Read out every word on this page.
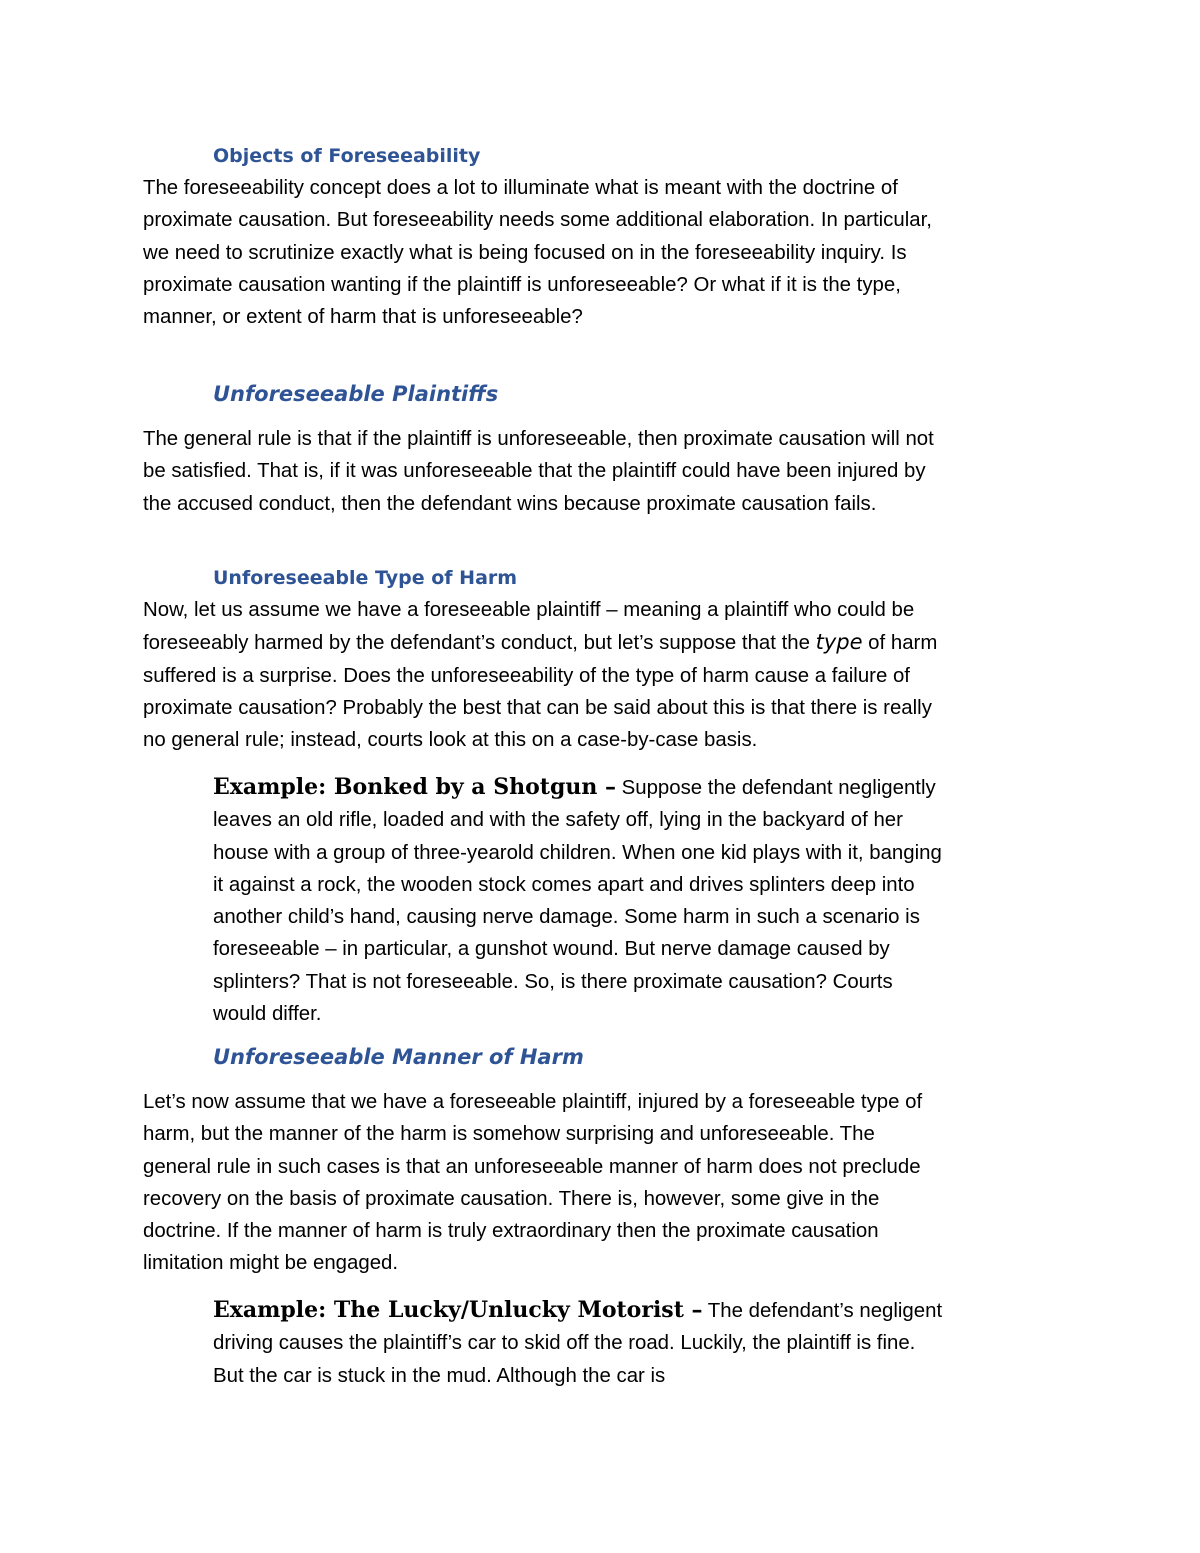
Objects of Foreseeability

The foreseeability concept does a lot to illuminate what is meant with the doctrine of proximate causation. But foreseeability needs some additional elaboration. In particular, we need to scrutinize exactly what is being focused on in the foreseeability inquiry. Is proximate causation wanting if the plaintiff is unforeseeable? Or what if it is the type, manner, or extent of harm that is unforeseeable?

Unforeseeable Plaintiffs

The general rule is that if the plaintiff is unforeseeable, then proximate causation will not be satisfied. That is, if it was unforeseeable that the plaintiff could have been injured by the accused conduct, then the defendant wins because proximate causation fails.

Unforeseeable Type of Harm

Now, let us assume we have a foreseeable plaintiff – meaning a plaintiff who could be foreseeably harmed by the defendant’s conduct, but let’s suppose that the type of harm suffered is a surprise. Does the unforeseeability of the type of harm cause a failure of proximate causation? Probably the best that can be said about this is that there is really no general rule; instead, courts look at this on a case-by-case basis.

Example: Bonked by a Shotgun – Suppose the defendant negligently leaves an old rifle, loaded and with the safety off, lying in the backyard of her house with a group of three-yearold children. When one kid plays with it, banging it against a rock, the wooden stock comes apart and drives splinters deep into another child’s hand, causing nerve damage. Some harm in such a scenario is foreseeable – in particular, a gunshot wound. But nerve damage caused by splinters? That is not foreseeable. So, is there proximate causation? Courts would differ.

Unforeseeable Manner of Harm

Let’s now assume that we have a foreseeable plaintiff, injured by a foreseeable type of harm, but the manner of the harm is somehow surprising and unforeseeable. The general rule in such cases is that an unforeseeable manner of harm does not preclude recovery on the basis of proximate causation. There is, however, some give in the doctrine. If the manner of harm is truly extraordinary then the proximate causation limitation might be engaged.

Example: The Lucky/Unlucky Motorist – The defendant’s negligent driving causes the plaintiff’s car to skid off the road. Luckily, the plaintiff is fine. But the car is stuck in the mud. Although the car is
